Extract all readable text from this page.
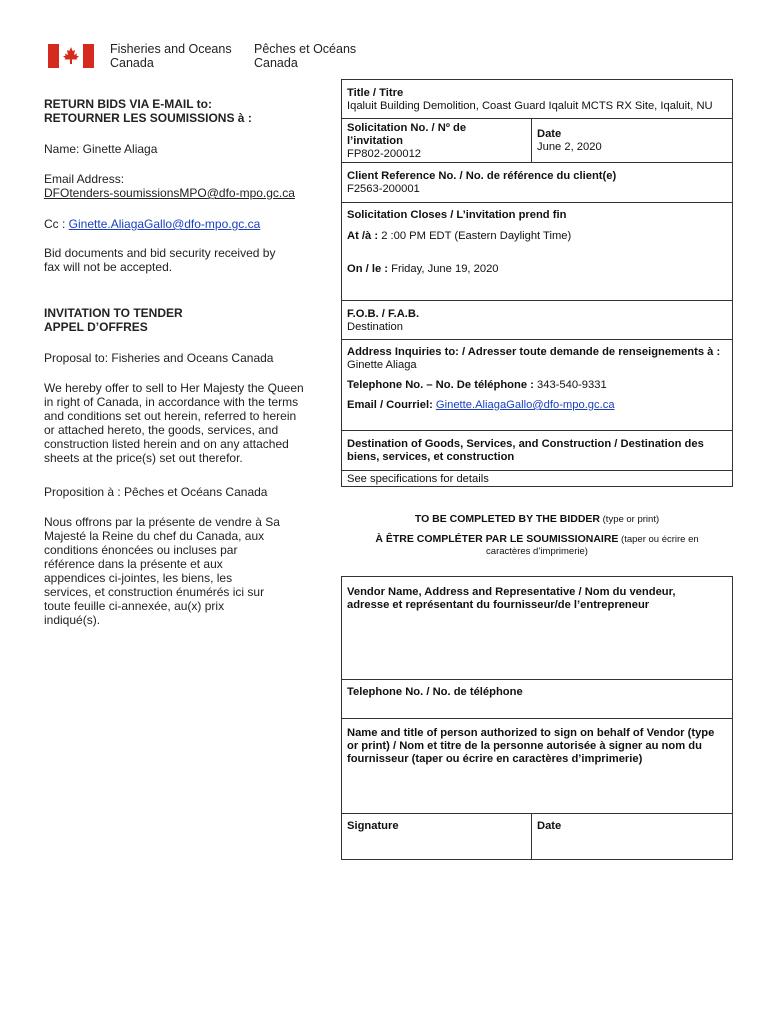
Fisheries and Oceans
Canada
Pêches et Océans
Canada
RETURN BIDS VIA E-MAIL to:
RETOURNER LES SOUMISSIONS à :
Name: Ginette Aliaga
Email Address:
DFOtenders-soumissionsMPO@dfo-mpo.gc.ca
Cc : Ginette.AliagaGallo@dfo-mpo.gc.ca
Bid documents and bid security received by
fax will not be accepted.
INVITATION TO TENDER
APPEL D’OFFRES
Proposal to: Fisheries and Oceans Canada
We hereby offer to sell to Her Majesty the Queen
in right of Canada, in accordance with the terms
and conditions set out herein, referred to herein
or attached hereto, the goods, services, and
construction listed herein and on any attached
sheets at the price(s) set out therefor.
Proposition à : Pêches et Océans Canada
Nous offrons par la présente de vendre à Sa
Majesté la Reine du chef du Canada, aux
conditions énoncées ou incluses par
référence dans la présente et aux
appendices ci-jointes, les biens, les
services, et construction énumérés ici sur
toute feuille ci-annexée, au(x) prix
indiqué(s).
Title / Titre
Iqaluit Building Demolition, Coast Guard Iqaluit MCTS RX Site, Iqaluit, NU
Solicitation No. / Nº de
l’invitation
FP802-200012
Date
June 2, 2020
Client Reference No. / No. de référence du client(e)
F2563-200001
Solicitation Closes / L’invitation prend fin
At /à : 2 :00 PM EDT (Eastern Daylight Time)
On / le : Friday, June 19, 2020
F.O.B. / F.A.B.
Destination
Address Inquiries to: / Adresser toute demande de renseignements à :
Ginette Aliaga
Telephone No. – No. De téléphone : 343-540-9331
Email / Courriel: Ginette.AliagaGallo@dfo-mpo.gc.ca
Destination of Goods, Services, and Construction / Destination des
biens, services, et construction
See specifications for details
TO BE COMPLETED BY THE BIDDER (type or print)
À ÊTRE COMPLÉTER PAR LE SOUMISSIONAIRE (taper ou écrire en
caractères d’imprimerie)
Vendor Name, Address and Representative / Nom du vendeur,
adresse et représentant du fournisseur/de l’entrepreneur
Telephone No. / No. de téléphone
Name and title of person authorized to sign on behalf of Vendor (type
or print) / Nom et titre de la personne autorisée à signer au nom du
fournisseur (taper ou écrire en caractères d’imprimerie)
Signature	Date
